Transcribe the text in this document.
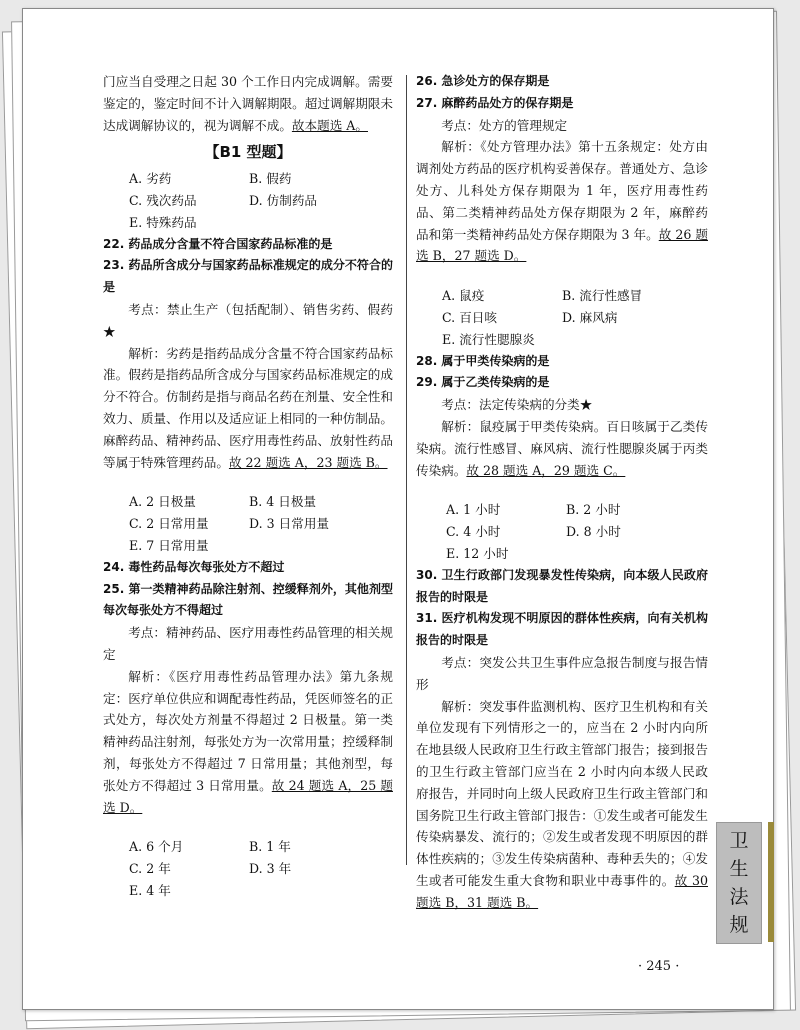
门应当自受理之日起 30 个工作日内完成调解。需要鉴定的，鉴定时间不计入调解期限。超过调解期限未达成调解协议的，视为调解不成。故本题选 A。

【B1 型题】
A. 劣药	B. 假药
C. 残次药品	D. 仿制药品
E. 特殊药品

22. 药品成分含量不符合国家药品标准的是

23. 药品所含成分与国家药品标准规定的成分不符合的是

考点：禁止生产（包括配制）、销售劣药、假药★

解析：劣药是指药品成分含量不符合国家药品标准。假药是指药品所含成分与国家药品标准规定的成分不符合。仿制药是指与商品名药在剂量、安全性和效力、质量、作用以及适应证上相同的一种仿制品。麻醉药品、精神药品、医疗用毒性药品、放射性药品等属于特殊管理药品。故 22 题选 A，23 题选 B。

A. 2 日极量	B. 4 日极量
C. 2 日常用量	D. 3 日常用量
E. 7 日常用量

24. 毒性药品每次每张处方不超过

25. 第一类精神药品除注射剂、控缓释剂外，其他剂型每次每张处方不得超过

考点：精神药品、医疗用毒性药品管理的相关规定

解析：《医疗用毒性药品管理办法》第九条规定：医疗单位供应和调配毒性药品，凭医师签名的正式处方，每次处方剂量不得超过 2 日极量。第一类精神药品注射剂，每张处方为一次常用量；控缓释制剂，每张处方不得超过 7 日常用量；其他剂型，每张处方不得超过 3 日常用量。故 24 题选 A，25 题选 D。

A. 6 个月	B. 1 年
C. 2 年	D. 3 年
E. 4 年

26. 急诊处方的保存期是

27. 麻醉药品处方的保存期是

考点：处方的管理规定

解析：《处方管理办法》第十五条规定：处方由调剂处方药品的医疗机构妥善保存。普通处方、急诊处方、儿科处方保存期限为 1 年，医疗用毒性药品、第二类精神药品处方保存期限为 2 年，麻醉药品和第一类精神药品处方保存期限为 3 年。故 26 题选 B，27 题选 D。

A. 鼠疫	B. 流行性感冒
C. 百日咳	D. 麻风病
E. 流行性腮腺炎

28. 属于甲类传染病的是

29. 属于乙类传染病的是

考点：法定传染病的分类★

解析：鼠疫属于甲类传染病。百日咳属于乙类传染病。流行性感冒、麻风病、流行性腮腺炎属于丙类传染病。故 28 题选 A，29 题选 C。

A. 1 小时	B. 2 小时
C. 4 小时	D. 8 小时
E. 12 小时

30. 卫生行政部门发现暴发性传染病，向本级人民政府报告的时限是

31. 医疗机构发现不明原因的群体性疾病，向有关机构报告的时限是

考点：突发公共卫生事件应急报告制度与报告情形

解析：突发事件监测机构、医疗卫生机构和有关单位发现有下列情形之一的，应当在 2 小时内向所在地县级人民政府卫生行政主管部门报告；接到报告的卫生行政主管部门应当在 2 小时内向本级人民政府报告，并同时向上级人民政府卫生行政主管部门和国务院卫生行政主管部门报告：①发生或者可能发生传染病暴发、流行的；②发生或者发现不明原因的群体性疾病的；③发生传染病菌种、毒种丢失的；④发生或者可能发生重大食物和职业中毒事件的。故 30 题选 B，31 题选 B。

· 245 ·
卫
生
法
规
